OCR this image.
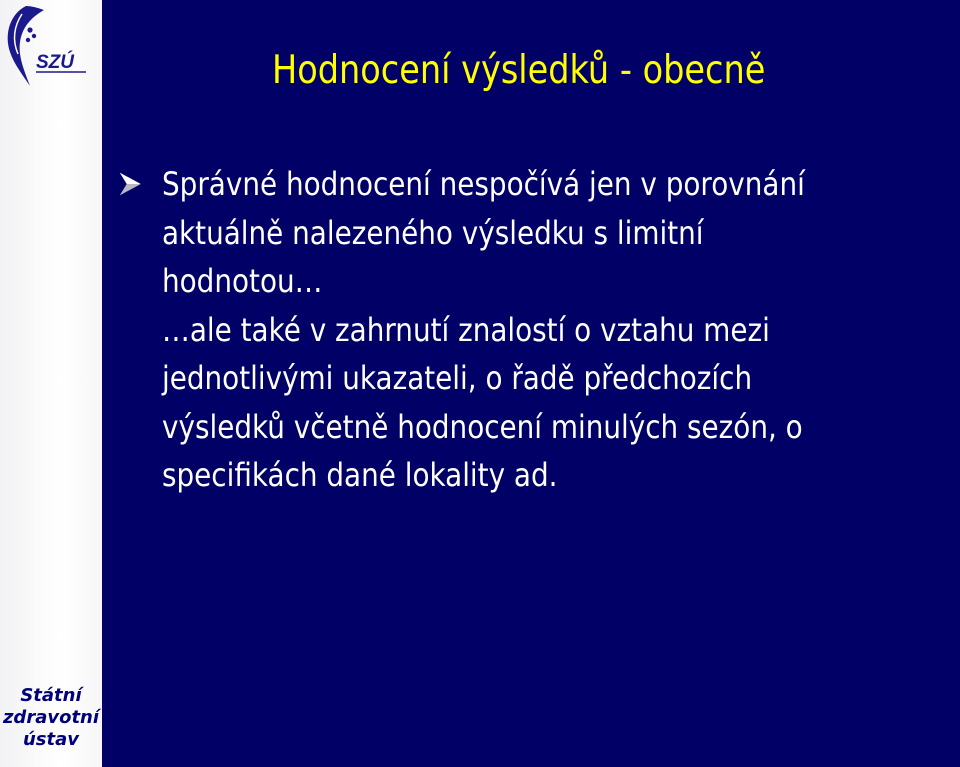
SZÚ
Státní
zdravotní
ústav
Hodnocení výsledků - obecně
Správné hodnocení nespočívá jen v porovnání
aktuálně nalezeného výsledku s limitní
hodnotou…
…ale také v zahrnutí znalostí o vztahu mezi
jednotlivými ukazateli, o řadě předchozích
výsledků včetně hodnocení minulých sezón, o
specifikách dané lokality ad.
